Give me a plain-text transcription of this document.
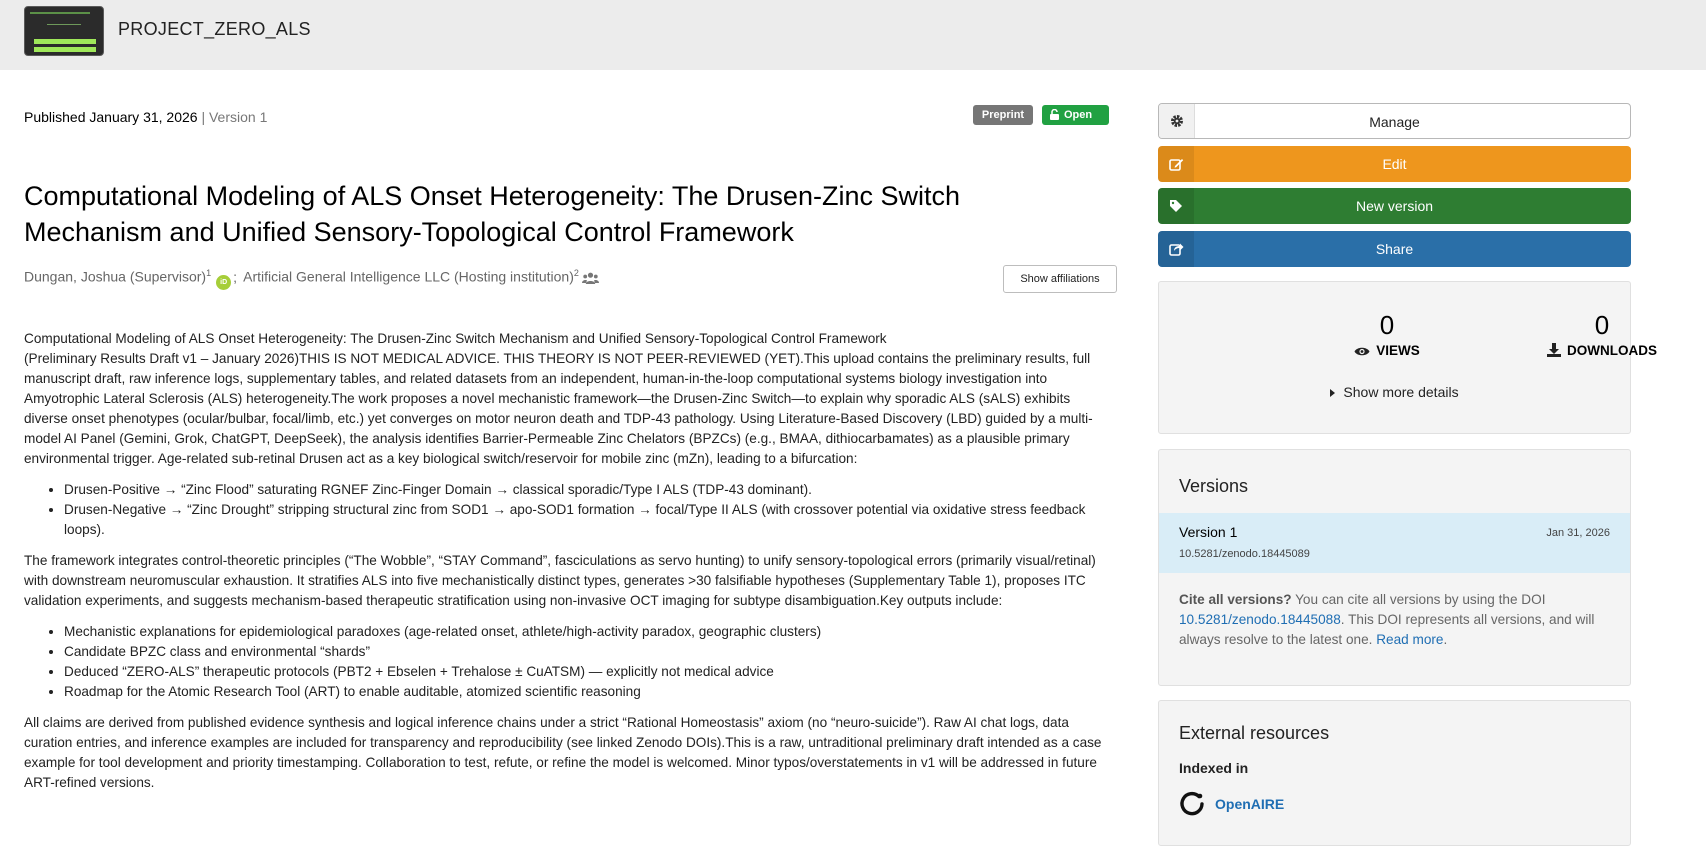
PROJECT_ZERO_ALS
Published January 31, 2026 | Version 1	Preprint	Open
Computational Modeling of ALS Onset Heterogeneity: The Drusen-Zinc Switch Mechanism and Unified Sensory-Topological Control Framework
Dungan, Joshua (Supervisor)$^1$iD ; Artificial General Intelligence LLC (Hosting institution)$^2$	Show affiliations
Computational Modeling of ALS Onset Heterogeneity: The Drusen-Zinc Switch Mechanism and Unified Sensory-Topological Control Framework

(Preliminary Results Draft v1 – January 2026)THIS IS NOT MEDICAL ADVICE. THIS THEORY IS NOT PEER-REVIEWED (YET).This upload contains the preliminary results, full manuscript draft, raw inference logs, supplementary tables, and related datasets from an independent, human-in-the-loop computational systems biology investigation into Amyotrophic Lateral Sclerosis (ALS) heterogeneity.The work proposes a novel mechanistic framework—the Drusen-Zinc Switch—to explain why sporadic ALS (sALS) exhibits diverse onset phenotypes (ocular/bulbar, focal/limb, etc.) yet converges on motor neuron death and TDP-43 pathology. Using Literature-Based Discovery (LBD) guided by a multi-model AI Panel (Gemini, Grok, ChatGPT, DeepSeek), the analysis identifies Barrier-Permeable Zinc Chelators (BPZCs) (e.g., BMAA, dithiocarbamates) as a plausible primary environmental trigger. Age-related sub-retinal Drusen act as a key biological switch/reservoir for mobile zinc (mZn), leading to a bifurcation:

• Drusen-Positive → “Zinc Flood” saturating RGNEF Zinc-Finger Domain → classical sporadic/Type I ALS (TDP-43 dominant).
• Drusen-Negative → “Zinc Drought” stripping structural zinc from SOD1 → apo-SOD1 formation → focal/Type II ALS (with crossover potential via oxidative stress feedback loops).

The framework integrates control-theoretic principles (“The Wobble”, “STAY Command”, fasciculations as servo hunting) to unify sensory-topological errors (primarily visual/retinal) with downstream neuromuscular exhaustion. It stratifies ALS into five mechanistically distinct types, generates >30 falsifiable hypotheses (Supplementary Table 1), proposes ITC validation experiments, and suggests mechanism-based therapeutic stratification using non-invasive OCT imaging for subtype disambiguation.Key outputs include:

• Mechanistic explanations for epidemiological paradoxes (age-related onset, athlete/high-activity paradox, geographic clusters)
• Candidate BPZC class and environmental “shards”
• Deduced “ZERO-ALS” therapeutic protocols (PBT2 + Ebselen + Trehalose ± CuATSM) — explicitly not medical advice
• Roadmap for the Atomic Research Tool (ART) to enable auditable, atomized scientific reasoning

All claims are derived from published evidence synthesis and logical inference chains under a strict “Rational Homeostasis” axiom (no “neuro-suicide”). Raw AI chat logs, data curation entries, and inference examples are included for transparency and reproducibility (see linked Zenodo DOIs).This is a raw, untraditional preliminary draft intended as a case example for tool development and priority timestamping. Collaboration to test, refute, or refine the model is welcomed. Minor typos/overstatements in v1 will be addressed in future ART-refined versions.

Manage
Edit
New version
Share
0
VIEWS
0
DOWNLOADS
Show more details
Versions
Version 1	Jan 31, 2026
10.5281/zenodo.18445089
Cite all versions? You can cite all versions by using the DOI 10.5281/zenodo.18445088. This DOI represents all versions, and will always resolve to the latest one. Read more.
External resources
Indexed in
OpenAIRE
